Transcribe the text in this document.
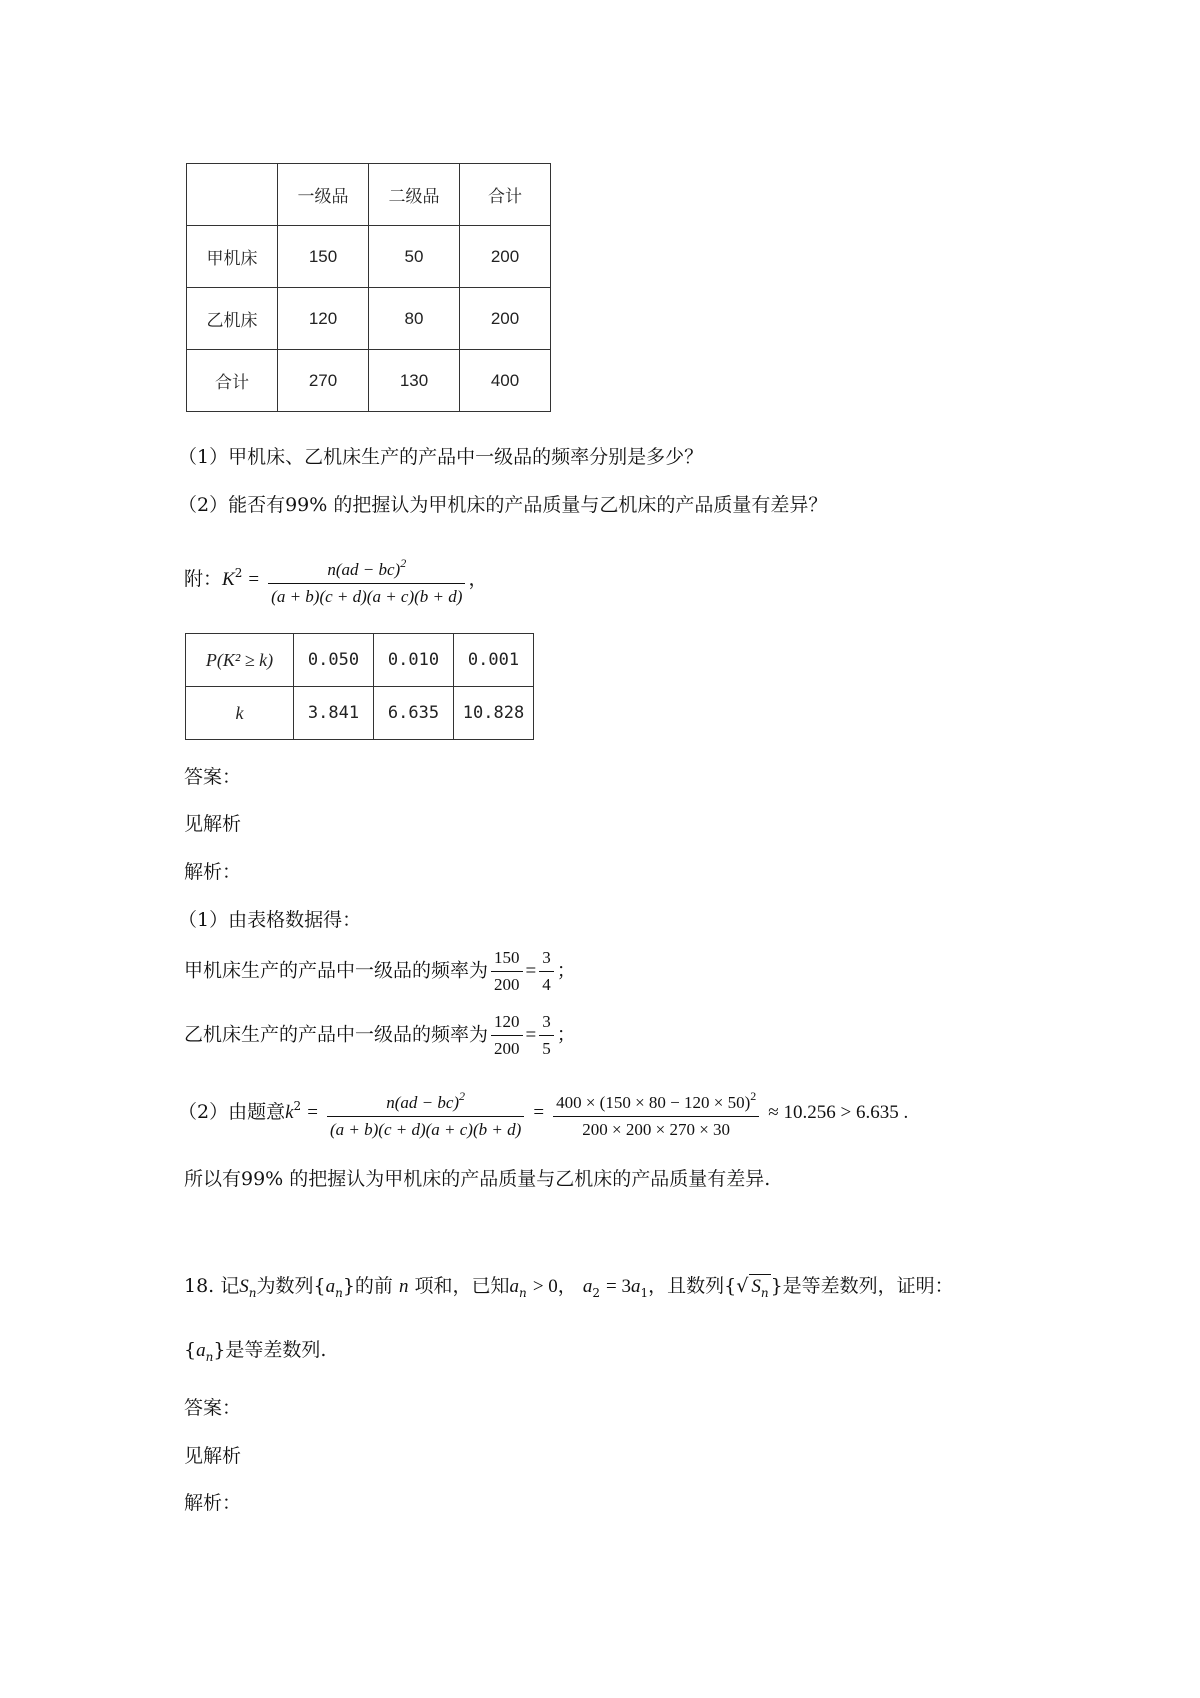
	一级品	二级品	合计
甲机床	150	50	200
乙机床	120	80	200
合计	270	130	400
（1）甲机床、乙机床生产的产品中一级品的频率分别是多少？
（2）能否有99% 的把握认为甲机床的产品质量与乙机床的产品质量有差异？
附：$K^2 = \frac{n(ad - bc)^2}{(a + b)(c + d)(a + c)(b + d)}$ ，
P(K² ≥ k)	0.050	0.010	0.001
k	3.841	6.635	10.828
答案：
见解析
解析：
（1）由表格数据得：
甲机床生产的产品中一级品的频率为 $\frac{150}{200} = \frac{3}{4}$ ；
乙机床生产的产品中一级品的频率为 $\frac{120}{200} = \frac{3}{5}$ ；
（2）由题意$k^2 = \frac{n(ad - bc)^2}{(a + b)(c + d)(a + c)(b + d)} = \frac{400 \times (150 \times 80 - 120 \times 50)^2}{200 \times 200 \times 270 \times 30} \approx 10.256 > 6.635$ .
所以有99% 的把握认为甲机床的产品质量与乙机床的产品质量有差异.
18. 记$S_n$为数列$\{a_n\}$的前 n 项和，已知$a_n > 0$， $a_2 = 3a_1$，且数列{√ $S_n$ }是等差数列，证明：
$\{a_n\}$是等差数列.
答案：
见解析
解析：
